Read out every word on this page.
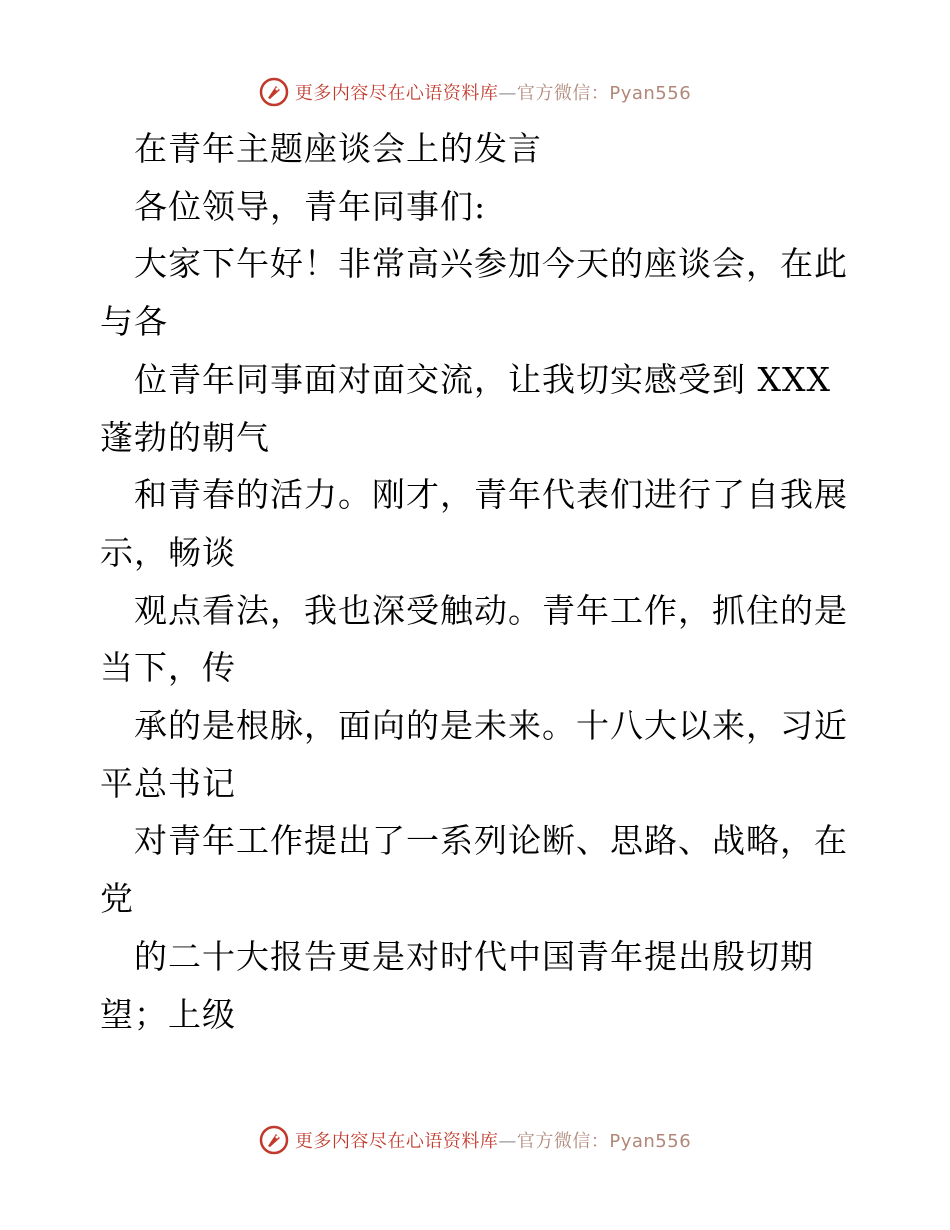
更多内容尽在心语资料库—官方微信：Pyan556
在青年主题座谈会上的发言
各位领导，青年同事们:
大家下午好！非常高兴参加今天的座谈会，在此
与各
位青年同事面对面交流，让我切实感受到 XXX
蓬勃的朝气
和青春的活力。刚才，青年代表们进行了自我展
示，畅谈
观点看法，我也深受触动。青年工作，抓住的是
当下，传
承的是根脉，面向的是未来。十八大以来，习近
平总书记
对青年工作提出了一系列论断、思路、战略，在
党
的二十大报告更是对时代中国青年提出殷切期
望；上级
更多内容尽在心语资料库—官方微信：Pyan556
